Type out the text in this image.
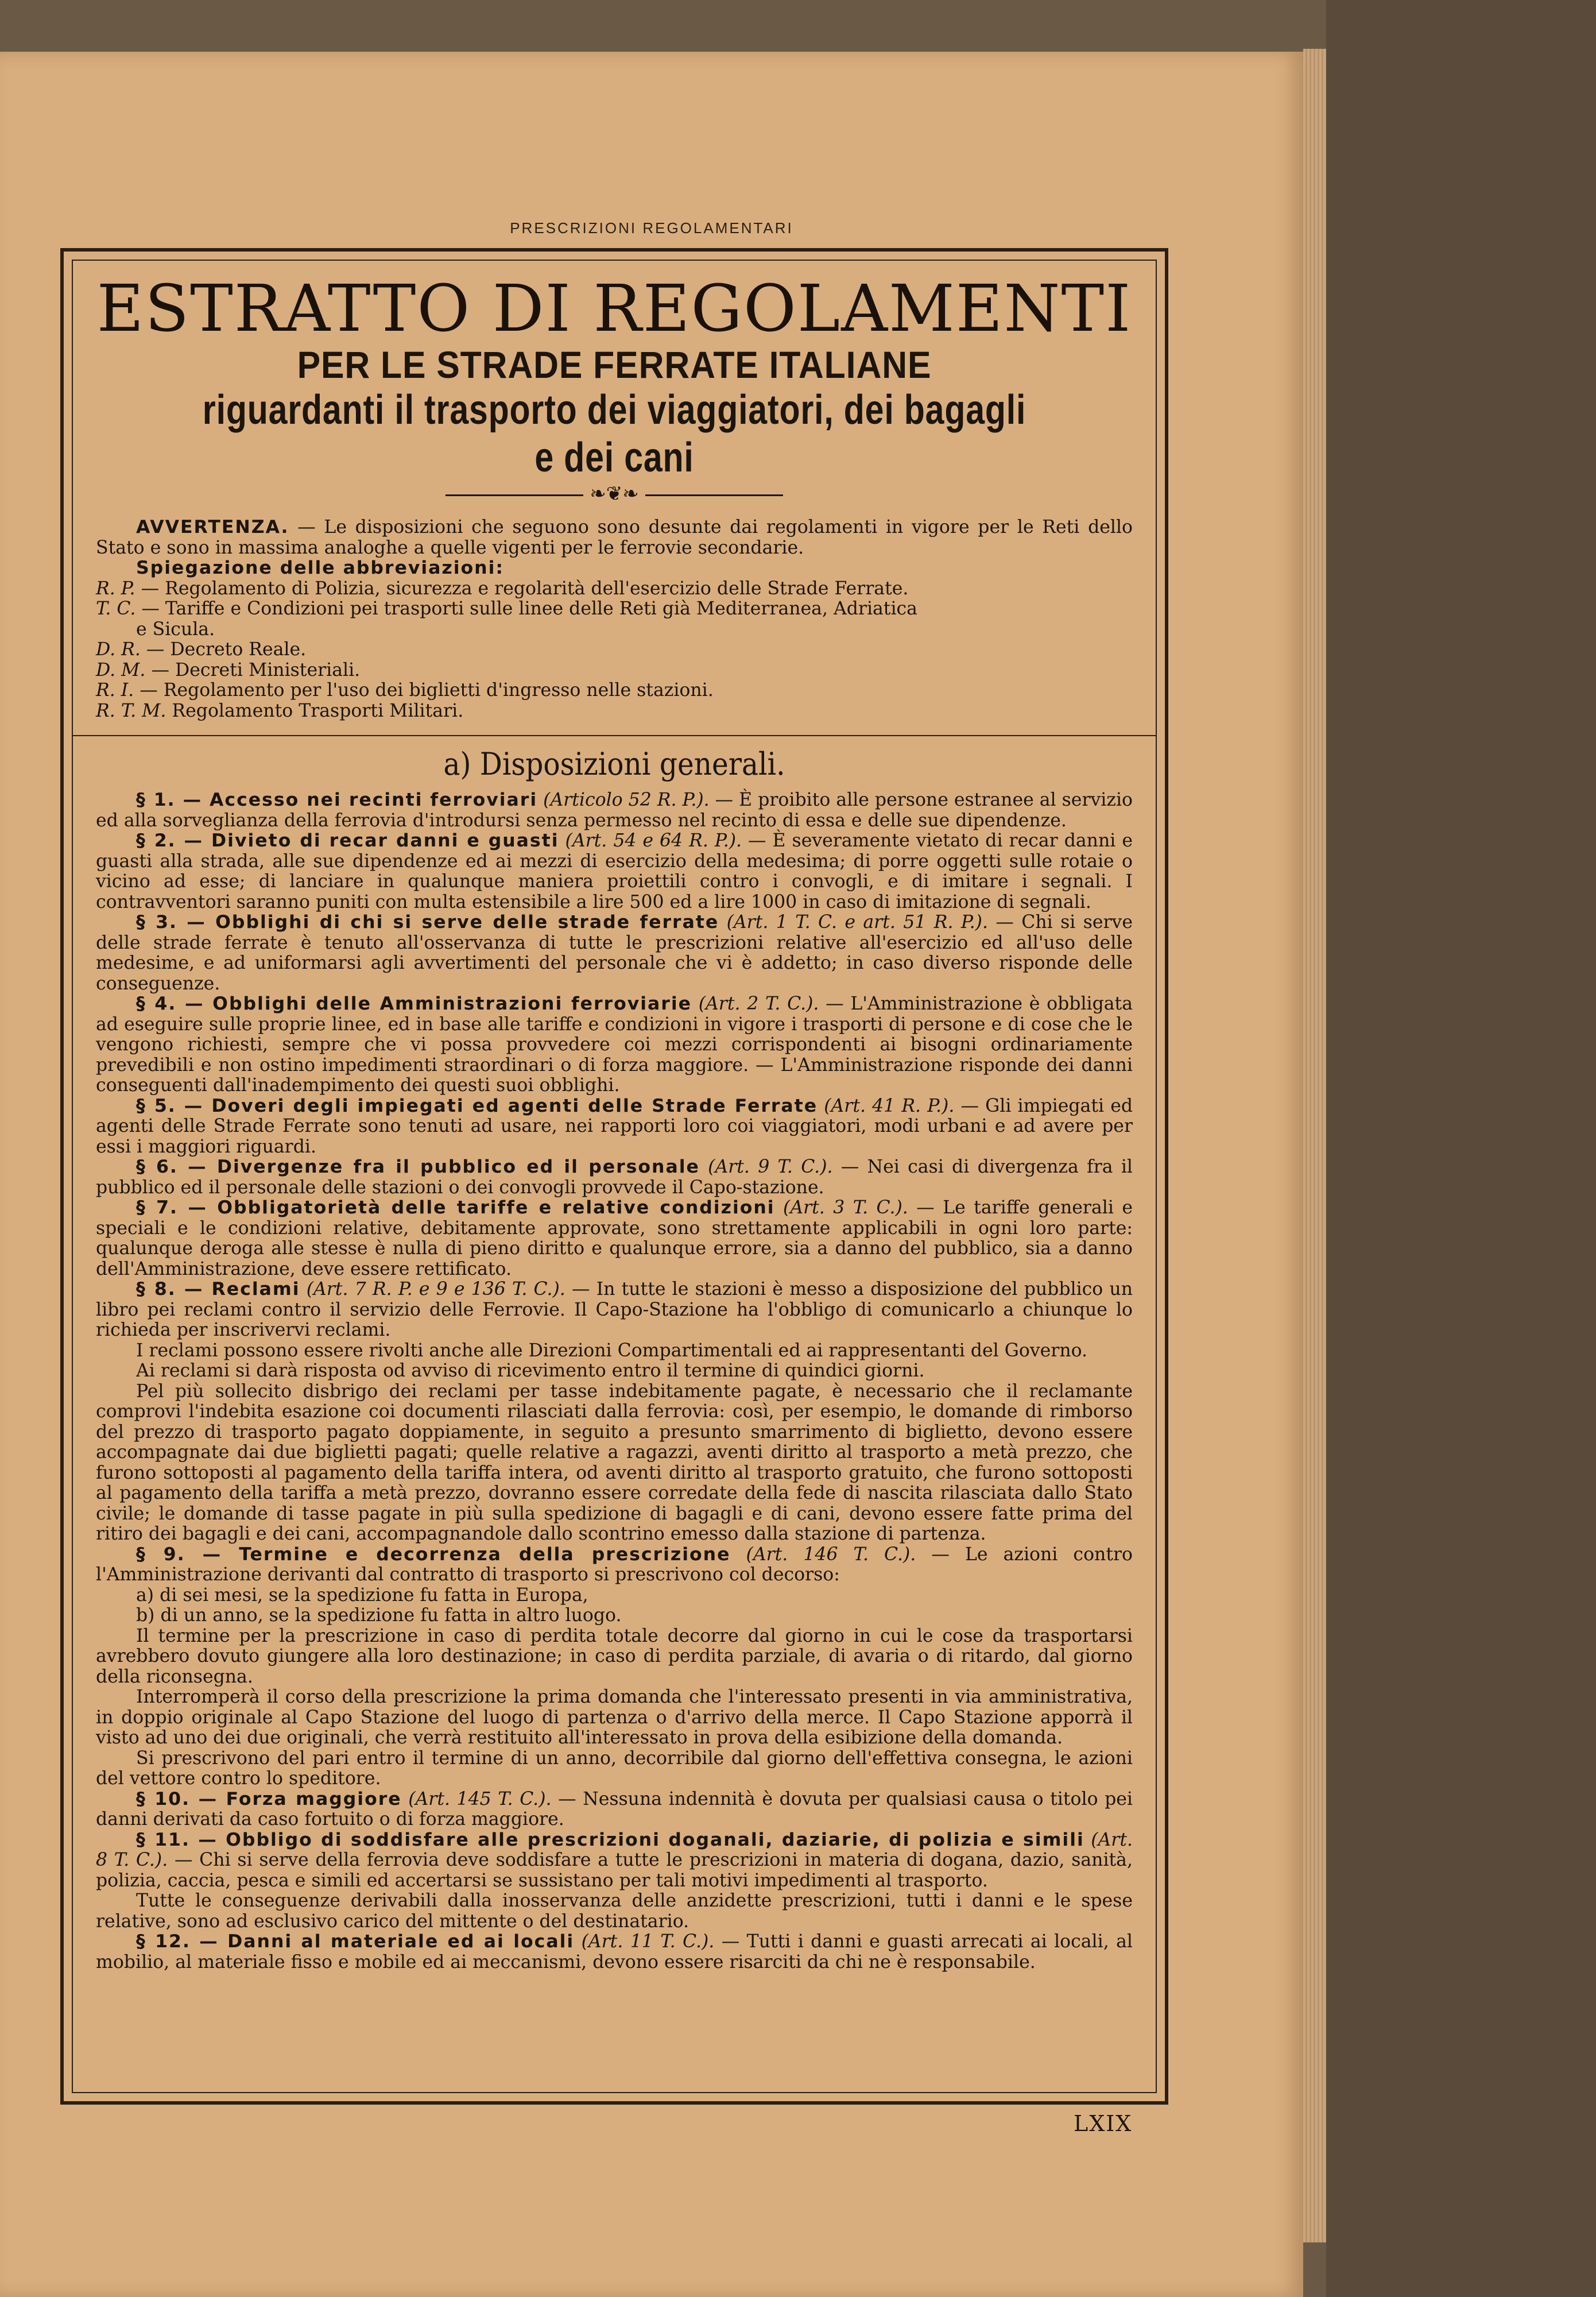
PRESCRIZIONI REGOLAMENTARI
ESTRATTO DI REGOLAMENTI
PER LE STRADE FERRATE ITALIANE
riguardanti il trasporto dei viaggiatori, dei bagagli e dei cani
❧❦❧

AVVERTENZA. — Le disposizioni che seguono sono desunte dai regolamenti in vigore per le Reti dello Stato e sono in massima analoghe a quelle vigenti per le ferrovie secondarie.

Spiegazione delle abbreviazioni:

R. P. — Regolamento di Polizia, sicurezza e regolarità dell'esercizio delle Strade Ferrate.

T. C. — Tariffe e Condizioni pei trasporti sulle linee delle Reti già Mediterranea, Adriatica

e Sicula.

D. R. — Decreto Reale.

D. M. — Decreti Ministeriali.

R. I. — Regolamento per l'uso dei biglietti d'ingresso nelle stazioni.

R. T. M. Regolamento Trasporti Militari.

a) Disposizioni generali.

§ 1. — Accesso nei recinti ferroviari (Articolo 52 R. P.). — È proibito alle persone estranee al servizio ed alla sorveglianza della ferrovia d'introdursi senza permesso nel recinto di essa e delle sue dipendenze.

§ 2. — Divieto di recar danni e guasti (Art. 54 e 64 R. P.). — È severamente vietato di recar danni e guasti alla strada, alle sue dipendenze ed ai mezzi di esercizio della medesima; di porre oggetti sulle rotaie o vicino ad esse; di lanciare in qualunque maniera proiettili contro i convogli, e di imitare i segnali. I contravventori saranno puniti con multa estensibile a lire 500 ed a lire 1000 in caso di imitazione di segnali.

§ 3. — Obblighi di chi si serve delle strade ferrate (Art. 1 T. C. e art. 51 R. P.). — Chi si serve delle strade ferrate è tenuto all'osservanza di tutte le prescrizioni relative all'esercizio ed all'uso delle medesime, e ad uniformarsi agli avvertimenti del personale che vi è addetto; in caso diverso risponde delle conseguenze.

§ 4. — Obblighi delle Amministrazioni ferroviarie (Art. 2 T. C.). — L'Amministrazione è obbligata ad eseguire sulle proprie linee, ed in base alle tariffe e condizioni in vigore i trasporti di persone e di cose che le vengono richiesti, sempre che vi possa provvedere coi mezzi corrispondenti ai bisogni ordinariamente prevedibili e non ostino impedimenti straordinari o di forza maggiore. — L'Amministrazione risponde dei danni conseguenti dall'inadempimento dei questi suoi obblighi.

§ 5. — Doveri degli impiegati ed agenti delle Strade Ferrate (Art. 41 R. P.). — Gli impiegati ed agenti delle Strade Ferrate sono tenuti ad usare, nei rapporti loro coi viaggiatori, modi urbani e ad avere per essi i maggiori riguardi.

§ 6. — Divergenze fra il pubblico ed il personale (Art. 9 T. C.). — Nei casi di divergenza fra il pubblico ed il personale delle stazioni o dei convogli provvede il Capo-stazione.

§ 7. — Obbligatorietà delle tariffe e relative condizioni (Art. 3 T. C.). — Le tariffe generali e speciali e le condizioni relative, debitamente approvate, sono strettamente applicabili in ogni loro parte: qualunque deroga alle stesse è nulla di pieno diritto e qualunque errore, sia a danno del pubblico, sia a danno dell'Amministrazione, deve essere rettificato.

§ 8. — Reclami (Art. 7 R. P. e 9 e 136 T. C.). — In tutte le stazioni è messo a disposizione del pubblico un libro pei reclami contro il servizio delle Ferrovie. Il Capo-Stazione ha l'obbligo di comunicarlo a chiunque lo richieda per inscrivervi reclami.

I reclami possono essere rivolti anche alle Direzioni Compartimentali ed ai rappresentanti del Governo.

Ai reclami si darà risposta od avviso di ricevimento entro il termine di quindici giorni.

Pel più sollecito disbrigo dei reclami per tasse indebitamente pagate, è necessario che il reclamante comprovi l'indebita esazione coi documenti rilasciati dalla ferrovia: così, per esempio, le domande di rimborso del prezzo di trasporto pagato doppiamente, in seguito a presunto smarrimento di biglietto, devono essere accompagnate dai due biglietti pagati; quelle relative a ragazzi, aventi diritto al trasporto a metà prezzo, che furono sottoposti al pagamento della tariffa intera, od aventi diritto al trasporto gratuito, che furono sottoposti al pagamento della tariffa a metà prezzo, dovranno essere corredate della fede di nascita rilasciata dallo Stato civile; le domande di tasse pagate in più sulla spedizione di bagagli e di cani, devono essere fatte prima del ritiro dei bagagli e dei cani, accompagnandole dallo scontrino emesso dalla stazione di partenza.

§ 9. — Termine e decorrenza della prescrizione (Art. 146 T. C.). — Le azioni contro l'Amministrazione derivanti dal contratto di trasporto si prescrivono col decorso:

a) di sei mesi, se la spedizione fu fatta in Europa,

b) di un anno, se la spedizione fu fatta in altro luogo.

Il termine per la prescrizione in caso di perdita totale decorre dal giorno in cui le cose da trasportarsi avrebbero dovuto giungere alla loro destinazione; in caso di perdita parziale, di avaria o di ritardo, dal giorno della riconsegna.

Interromperà il corso della prescrizione la prima domanda che l'interessato presenti in via amministrativa, in doppio originale al Capo Stazione del luogo di partenza o d'arrivo della merce. Il Capo Stazione apporrà il visto ad uno dei due originali, che verrà restituito all'interessato in prova della esibizione della domanda.

Si prescrivono del pari entro il termine di un anno, decorribile dal giorno dell'effettiva consegna, le azioni del vettore contro lo speditore.

§ 10. — Forza maggiore (Art. 145 T. C.). — Nessuna indennità è dovuta per qualsiasi causa o titolo pei danni derivati da caso fortuito o di forza maggiore.

§ 11. — Obbligo di soddisfare alle prescrizioni doganali, daziarie, di polizia e simili (Art. 8 T. C.). — Chi si serve della ferrovia deve soddisfare a tutte le prescrizioni in materia di dogana, dazio, sanità, polizia, caccia, pesca e simili ed accertarsi se sussistano per tali motivi impedimenti al trasporto.

Tutte le conseguenze derivabili dalla inosservanza delle anzidette prescrizioni, tutti i danni e le spese relative, sono ad esclusivo carico del mittente o del destinatario.

§ 12. — Danni al materiale ed ai locali (Art. 11 T. C.). — Tutti i danni e guasti arrecati ai locali, al mobilio, al materiale fisso e mobile ed ai meccanismi, devono essere risarciti da chi ne è responsabile.

LXIX
